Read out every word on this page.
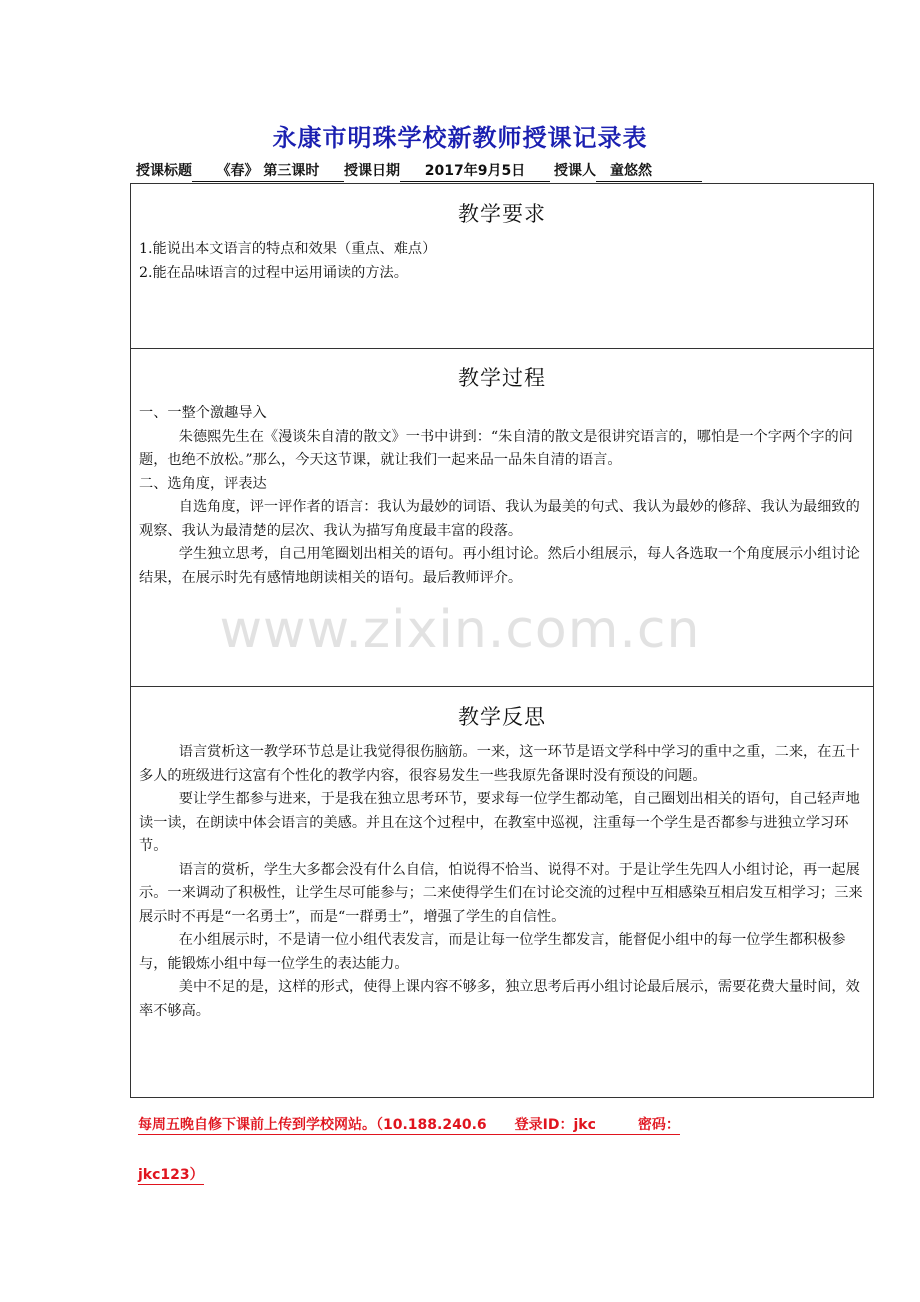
永康市明珠学校新教师授课记录表
授课标题 《春》 第三课时 授课日期 2017年9月5日 授课人 童悠然
教学要求

1.能说出本文语言的特点和效果（重点、难点）

2.能在品味语言的过程中运用诵读的方法。

教学过程

一、一整个激趣导入

朱德熙先生在《漫谈朱自清的散文》一书中讲到：“朱自清的散文是很讲究语言的，哪怕是一个字两个字的问题，也绝不放松。”那么，今天这节课，就让我们一起来品一品朱自清的语言。

二、选角度，评表达

自选角度，评一评作者的语言：我认为最妙的词语、我认为最美的句式、我认为最妙的修辞、我认为最细致的观察、我认为最清楚的层次、我认为描写角度最丰富的段落。

学生独立思考，自己用笔圈划出相关的语句。再小组讨论。然后小组展示，每人各选取一个角度展示小组讨论结果，在展示时先有感情地朗读相关的语句。最后教师评介。

教学反思

语言赏析这一教学环节总是让我觉得很伤脑筋。一来，这一环节是语文学科中学习的重中之重，二来，在五十多人的班级进行这富有个性化的教学内容，很容易发生一些我原先备课时没有预设的问题。

要让学生都参与进来，于是我在独立思考环节，要求每一位学生都动笔，自己圈划出相关的语句，自己轻声地读一读，在朗读中体会语言的美感。并且在这个过程中，在教室中巡视，注重每一个学生是否都参与进独立学习环节。

语言的赏析，学生大多都会没有什么自信，怕说得不恰当、说得不对。于是让学生先四人小组讨论，再一起展示。一来调动了积极性，让学生尽可能参与；二来使得学生们在讨论交流的过程中互相感染互相启发互相学习；三来展示时不再是“一名勇士”，而是“一群勇士”，增强了学生的自信性。

在小组展示时，不是请一位小组代表发言，而是让每一位学生都发言，能督促小组中的每一位学生都积极参与，能锻炼小组中每一位学生的表达能力。

美中不足的是，这样的形式，使得上课内容不够多，独立思考后再小组讨论最后展示，需要花费大量时间，效率不够高。

www.zixin.com.cn
每周五晚自修下课前上传到学校网站。（10.188.240.6　　登录ID：jkc　　　密码：
jkc123）
